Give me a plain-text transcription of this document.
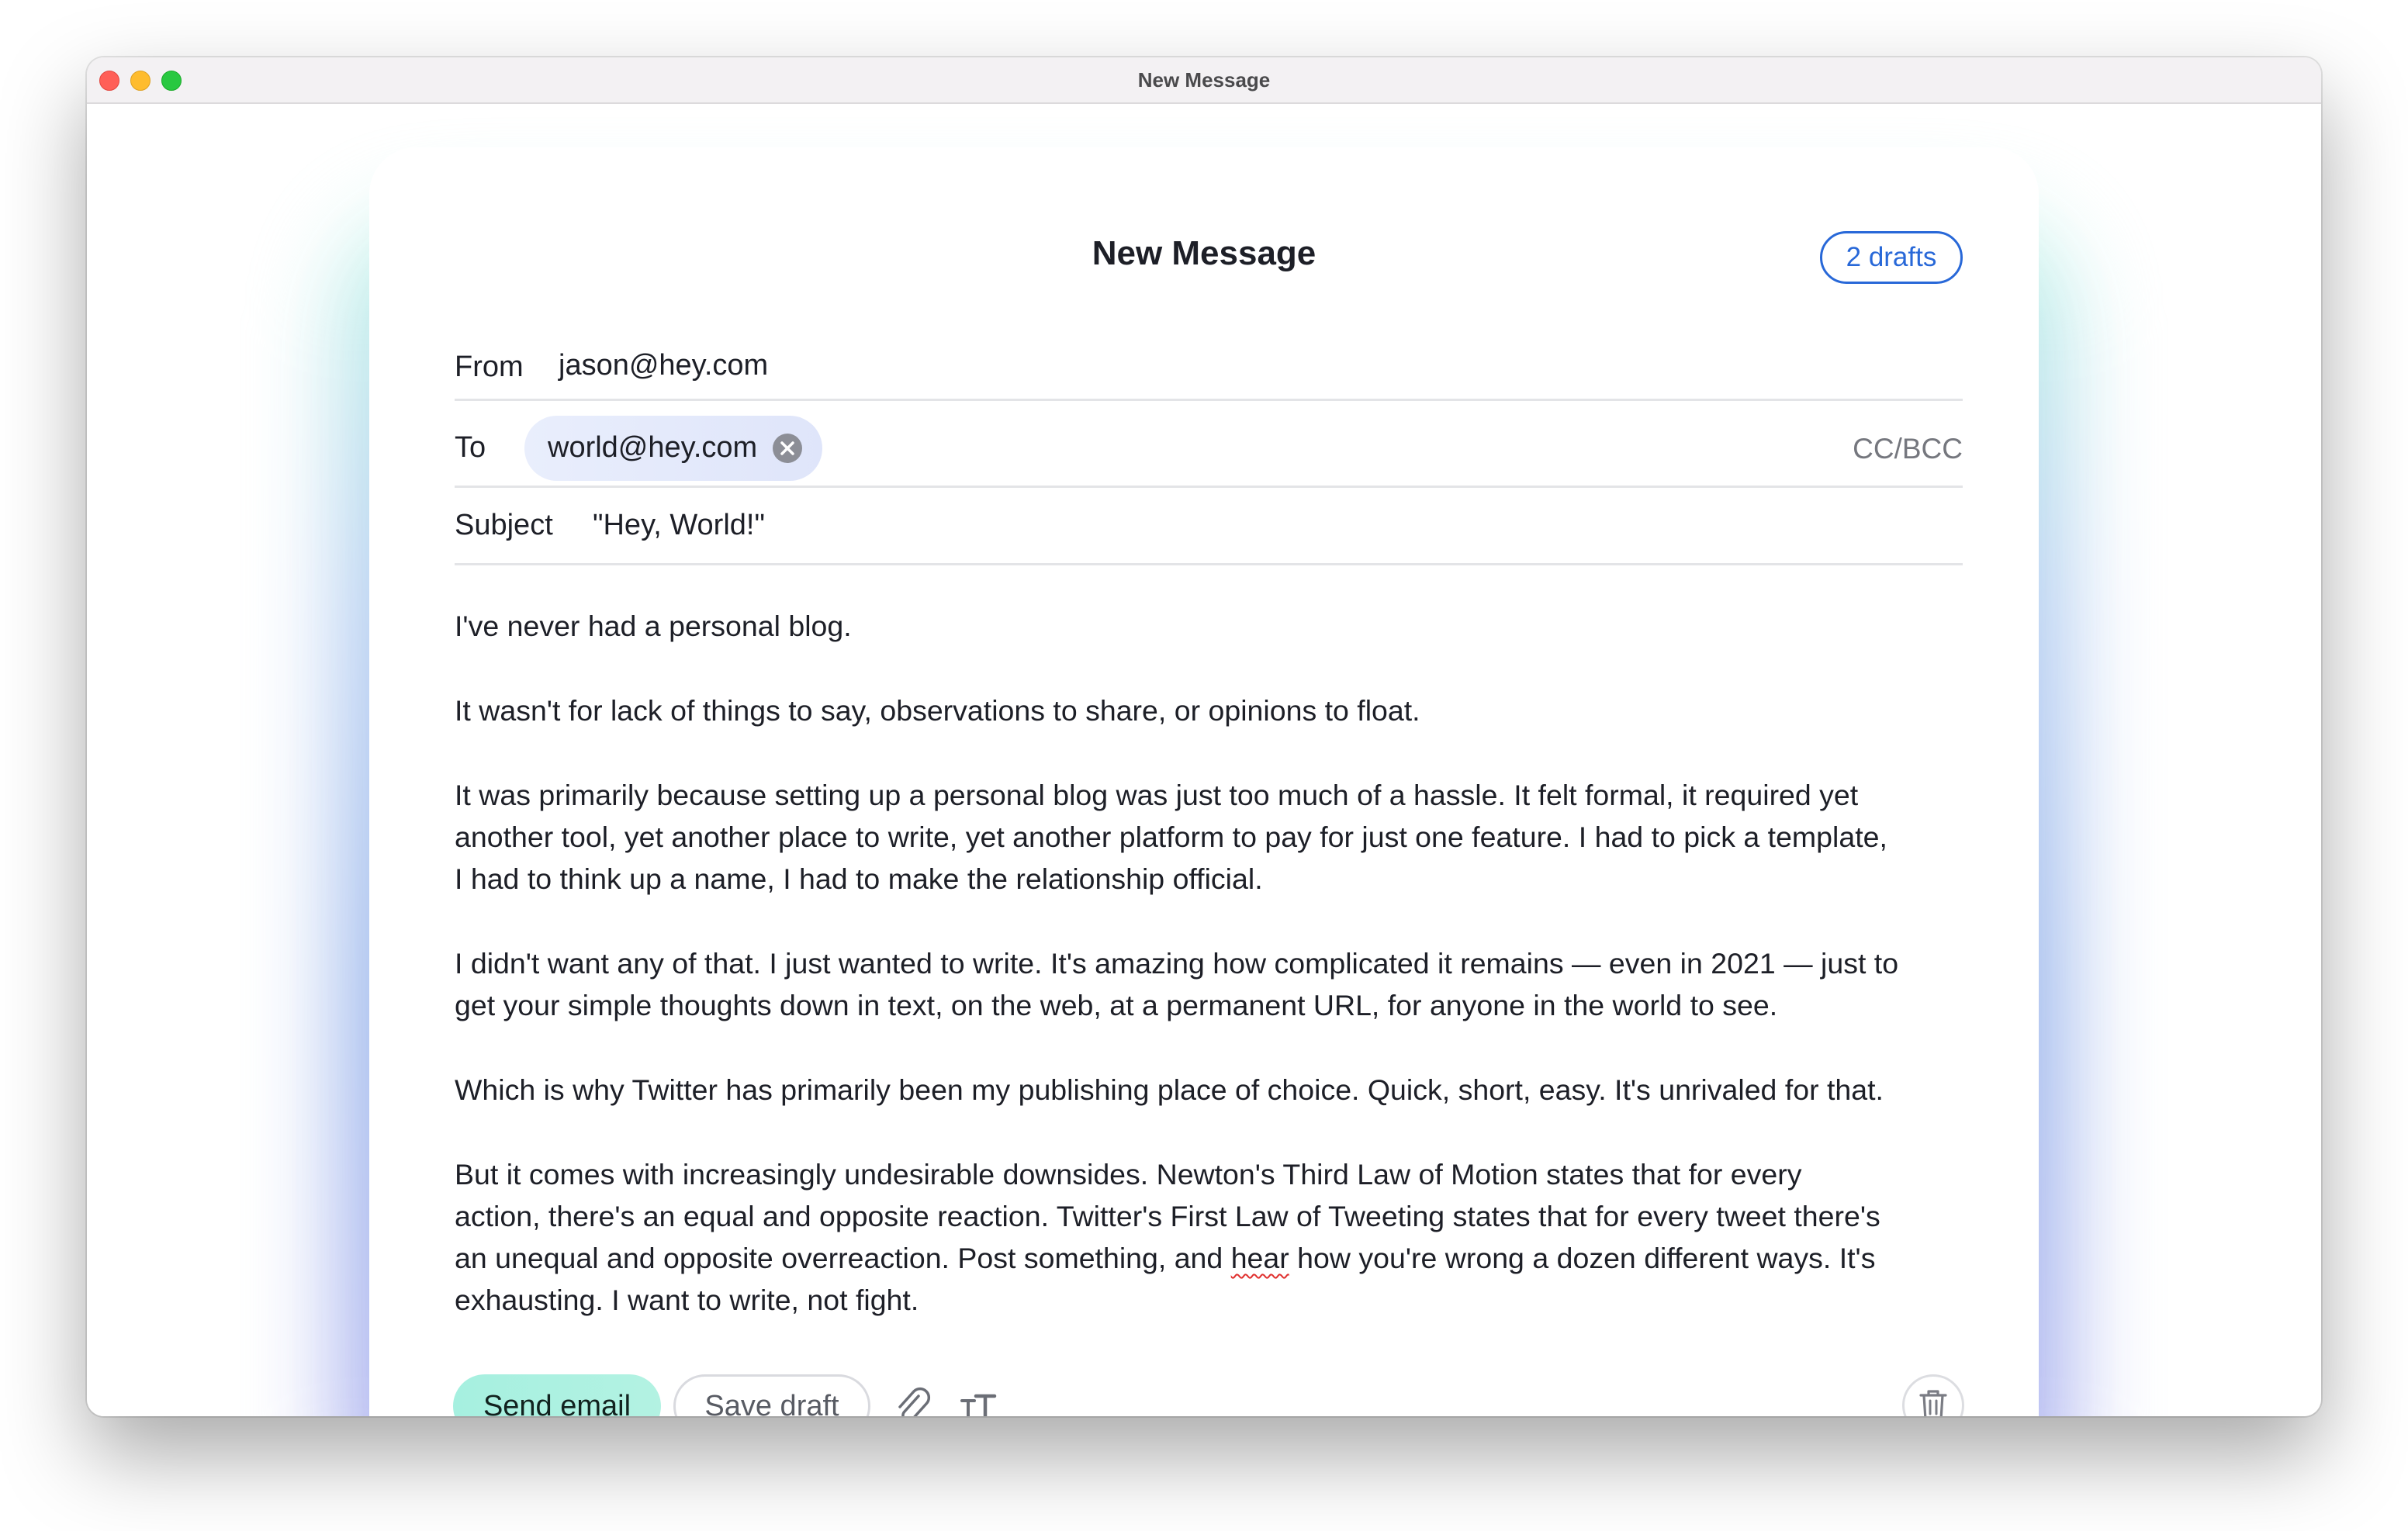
New Message
New Message	2 drafts
From jason@hey.com
To world@hey.com	CC/BCC
Subject "Hey, World!"

I've never had a personal blog.

It wasn't for lack of things to say, observations to share, or opinions to float.

It was primarily because setting up a personal blog was just too much of a hassle. It felt formal, it required yet
another tool, yet another place to write, yet another platform to pay for just one feature. I had to pick a template,
I had to think up a name, I had to make the relationship official.

I didn't want any of that. I just wanted to write. It's amazing how complicated it remains — even in 2021 — just to
get your simple thoughts down in text, on the web, at a permanent URL, for anyone in the world to see.

Which is why Twitter has primarily been my publishing place of choice. Quick, short, easy. It's unrivaled for that.

But it comes with increasingly undesirable downsides. Newton's Third Law of Motion states that for every
action, there's an equal and opposite reaction. Twitter's First Law of Tweeting states that for every tweet there's
an unequal and opposite overreaction. Post something, and hear how you're wrong a dozen different ways. It's
exhausting. I want to write, not fight.

Send email	Save draft
